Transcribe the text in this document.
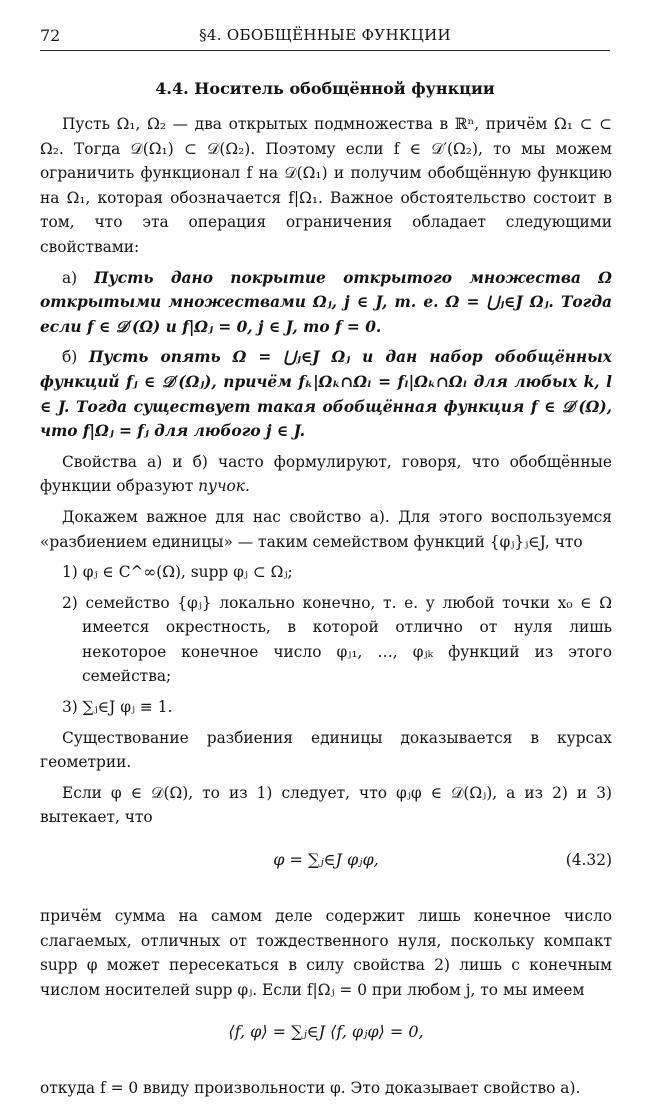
72	§4. ОБОБЩЁННЫЕ ФУНКЦИИ
4.4. Носитель обобщённой функции

Пусть Ω₁, Ω₂ — два открытых подмножества в ℝⁿ, причём Ω₁ ⊂ ⊂ Ω₂. Тогда 𝒟(Ω₁) ⊂ 𝒟(Ω₂). Поэтому если f ∈ 𝒟′(Ω₂), то мы можем ограничить функционал f на 𝒟(Ω₁) и получим обобщённую функцию на Ω₁, которая обозначается f|Ω₁. Важное обстоятельство состоит в том, что эта операция ограничения обладает следующими свойствами:

а) Пусть дано покрытие открытого множества Ω открытыми множествами Ωⱼ, j ∈ J, т. е. Ω = ⋃ⱼ∈J Ωⱼ. Тогда если f ∈ 𝒟′(Ω) и f|Ωⱼ = 0, j ∈ J, то f = 0.

б) Пусть опять Ω = ⋃ⱼ∈J Ωⱼ и дан набор обобщённых функций fⱼ ∈ 𝒟′(Ωⱼ), причём fₖ|Ωₖ∩Ωₗ = fₗ|Ωₖ∩Ωₗ для любых k, l ∈ J. Тогда существует такая обобщённая функция f ∈ 𝒟′(Ω), что f|Ωⱼ = fⱼ для любого j ∈ J.

Свойства а) и б) часто формулируют, говоря, что обобщённые функции образуют пучок.

Докажем важное для нас свойство а). Для этого воспользуемся «разбиением единицы» — таким семейством функций {φⱼ}ⱼ∈J, что

1) φⱼ ∈ C^∞(Ω), supp φⱼ ⊂ Ωⱼ;

2) семейство {φⱼ} локально конечно, т. е. у любой точки x₀ ∈ Ω имеется окрестность, в которой отлично от нуля лишь некоторое конечное число φⱼ₁, …, φⱼₖ функций из этого семейства;

3) ∑ⱼ∈J φⱼ ≡ 1.

Существование разбиения единицы доказывается в курсах геометрии.

Если φ ∈ 𝒟(Ω), то из 1) следует, что φⱼφ ∈ 𝒟(Ωⱼ), а из 2) и 3) вытекает, что

φ = ∑ⱼ∈J φⱼφ,	(4.32)

причём сумма на самом деле содержит лишь конечное число слагаемых, отличных от тождественного нуля, поскольку компакт supp φ может пересекаться в силу свойства 2) лишь с конечным числом носителей supp φⱼ. Если f|Ωⱼ = 0 при любом j, то мы имеем

⟨f, φ⟩ = ∑ⱼ∈J ⟨f, φⱼφ⟩ = 0,

откуда f = 0 ввиду произвольности φ. Это доказывает свойство а).
